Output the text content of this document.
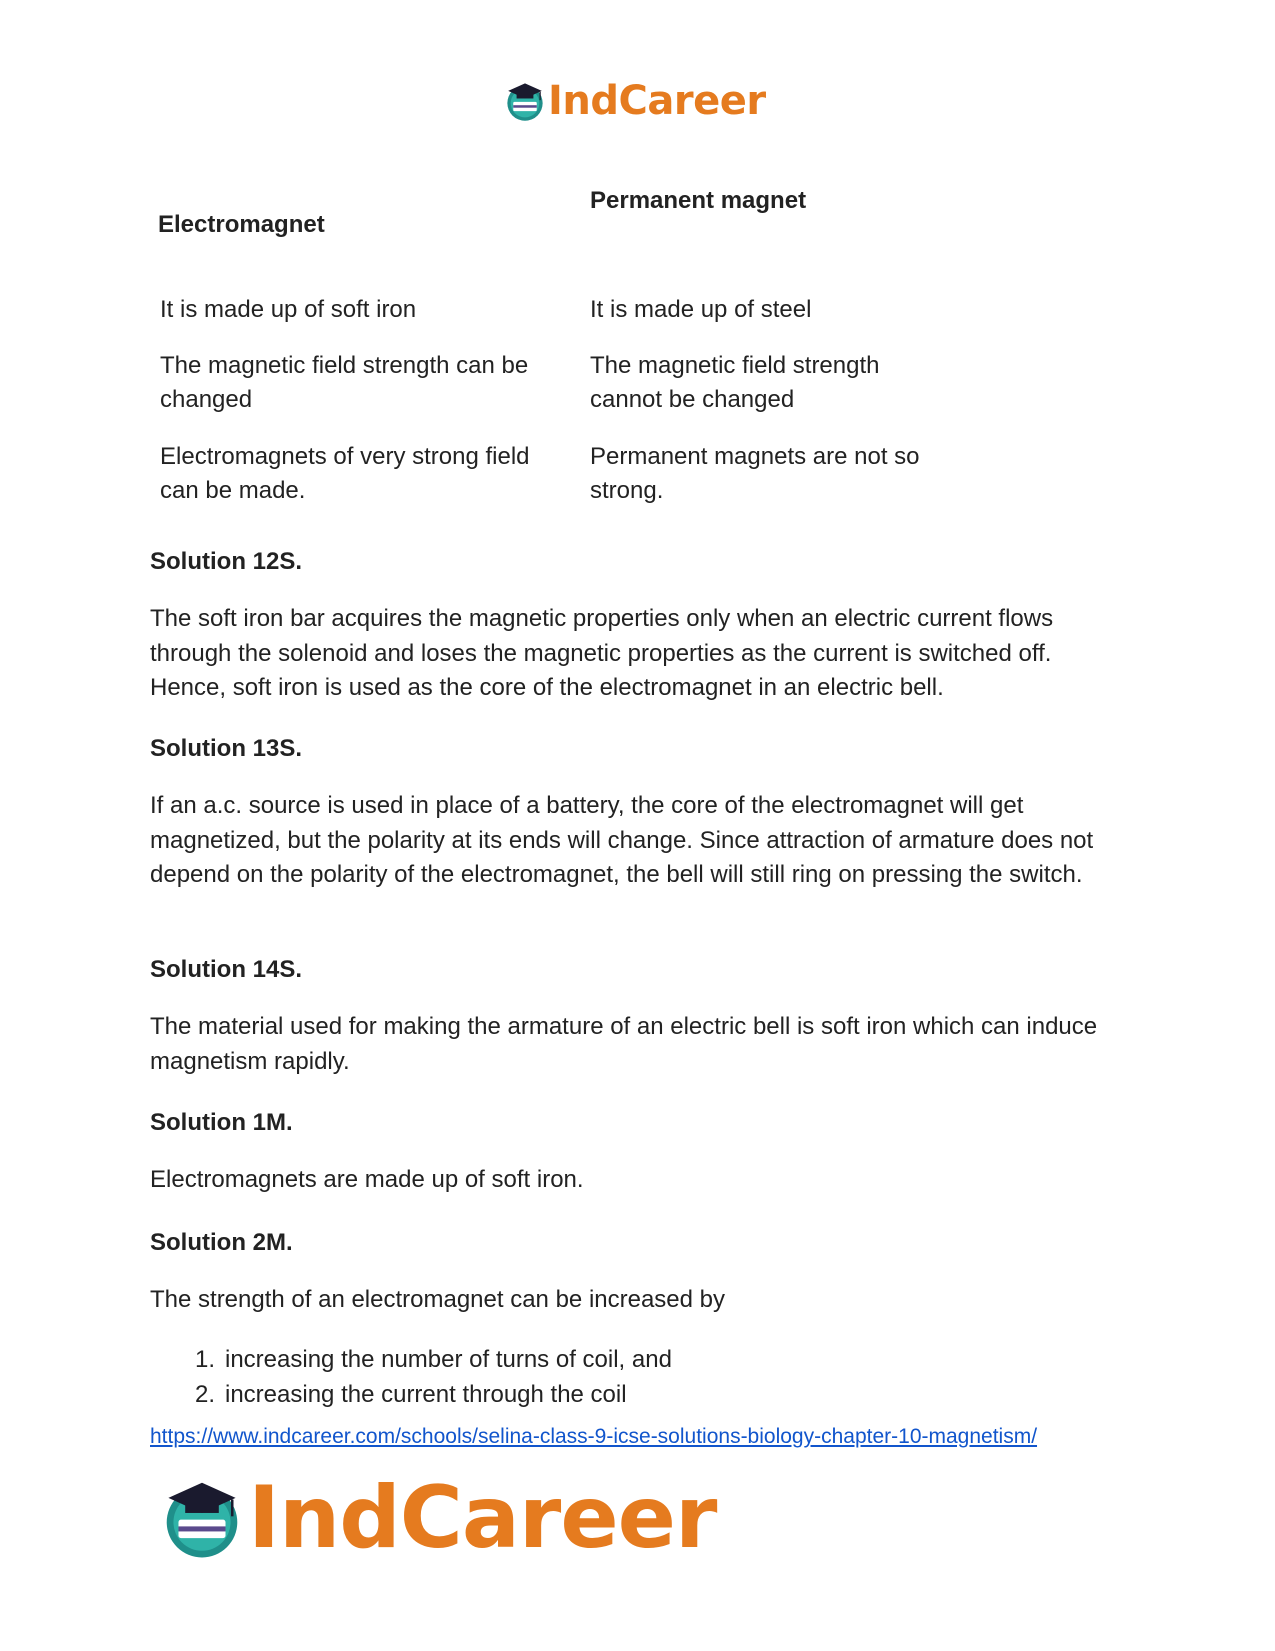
IndCareer

Electromagnet

Permanent magnet

It is made up of soft iron	It is made up of steel

The magnetic field strength can be changed

The magnetic field strength cannot be changed

Electromagnets of very strong field can be made.

Permanent magnets are not so strong.

Solution 12S.

The soft iron bar acquires the magnetic properties only when an electric current flows through the solenoid and loses the magnetic properties as the current is switched off. Hence, soft iron is used as the core of the electromagnet in an electric bell.

Solution 13S.

If an a.c. source is used in place of a battery, the core of the electromagnet will get magnetized, but the polarity at its ends will change. Since attraction of armature does not depend on the polarity of the electromagnet, the bell will still ring on pressing the switch.

Solution 14S.

The material used for making the armature of an electric bell is soft iron which can induce magnetism rapidly.

Solution 1M.

Electromagnets are made up of soft iron.

Solution 2M.

The strength of an electromagnet can be increased by

1. increasing the number of turns of coil, and
2. increasing the current through the coil
https://www.indcareer.com/schools/selina-class-9-icse-solutions-biology-chapter-10-magnetism/
IndCareer
